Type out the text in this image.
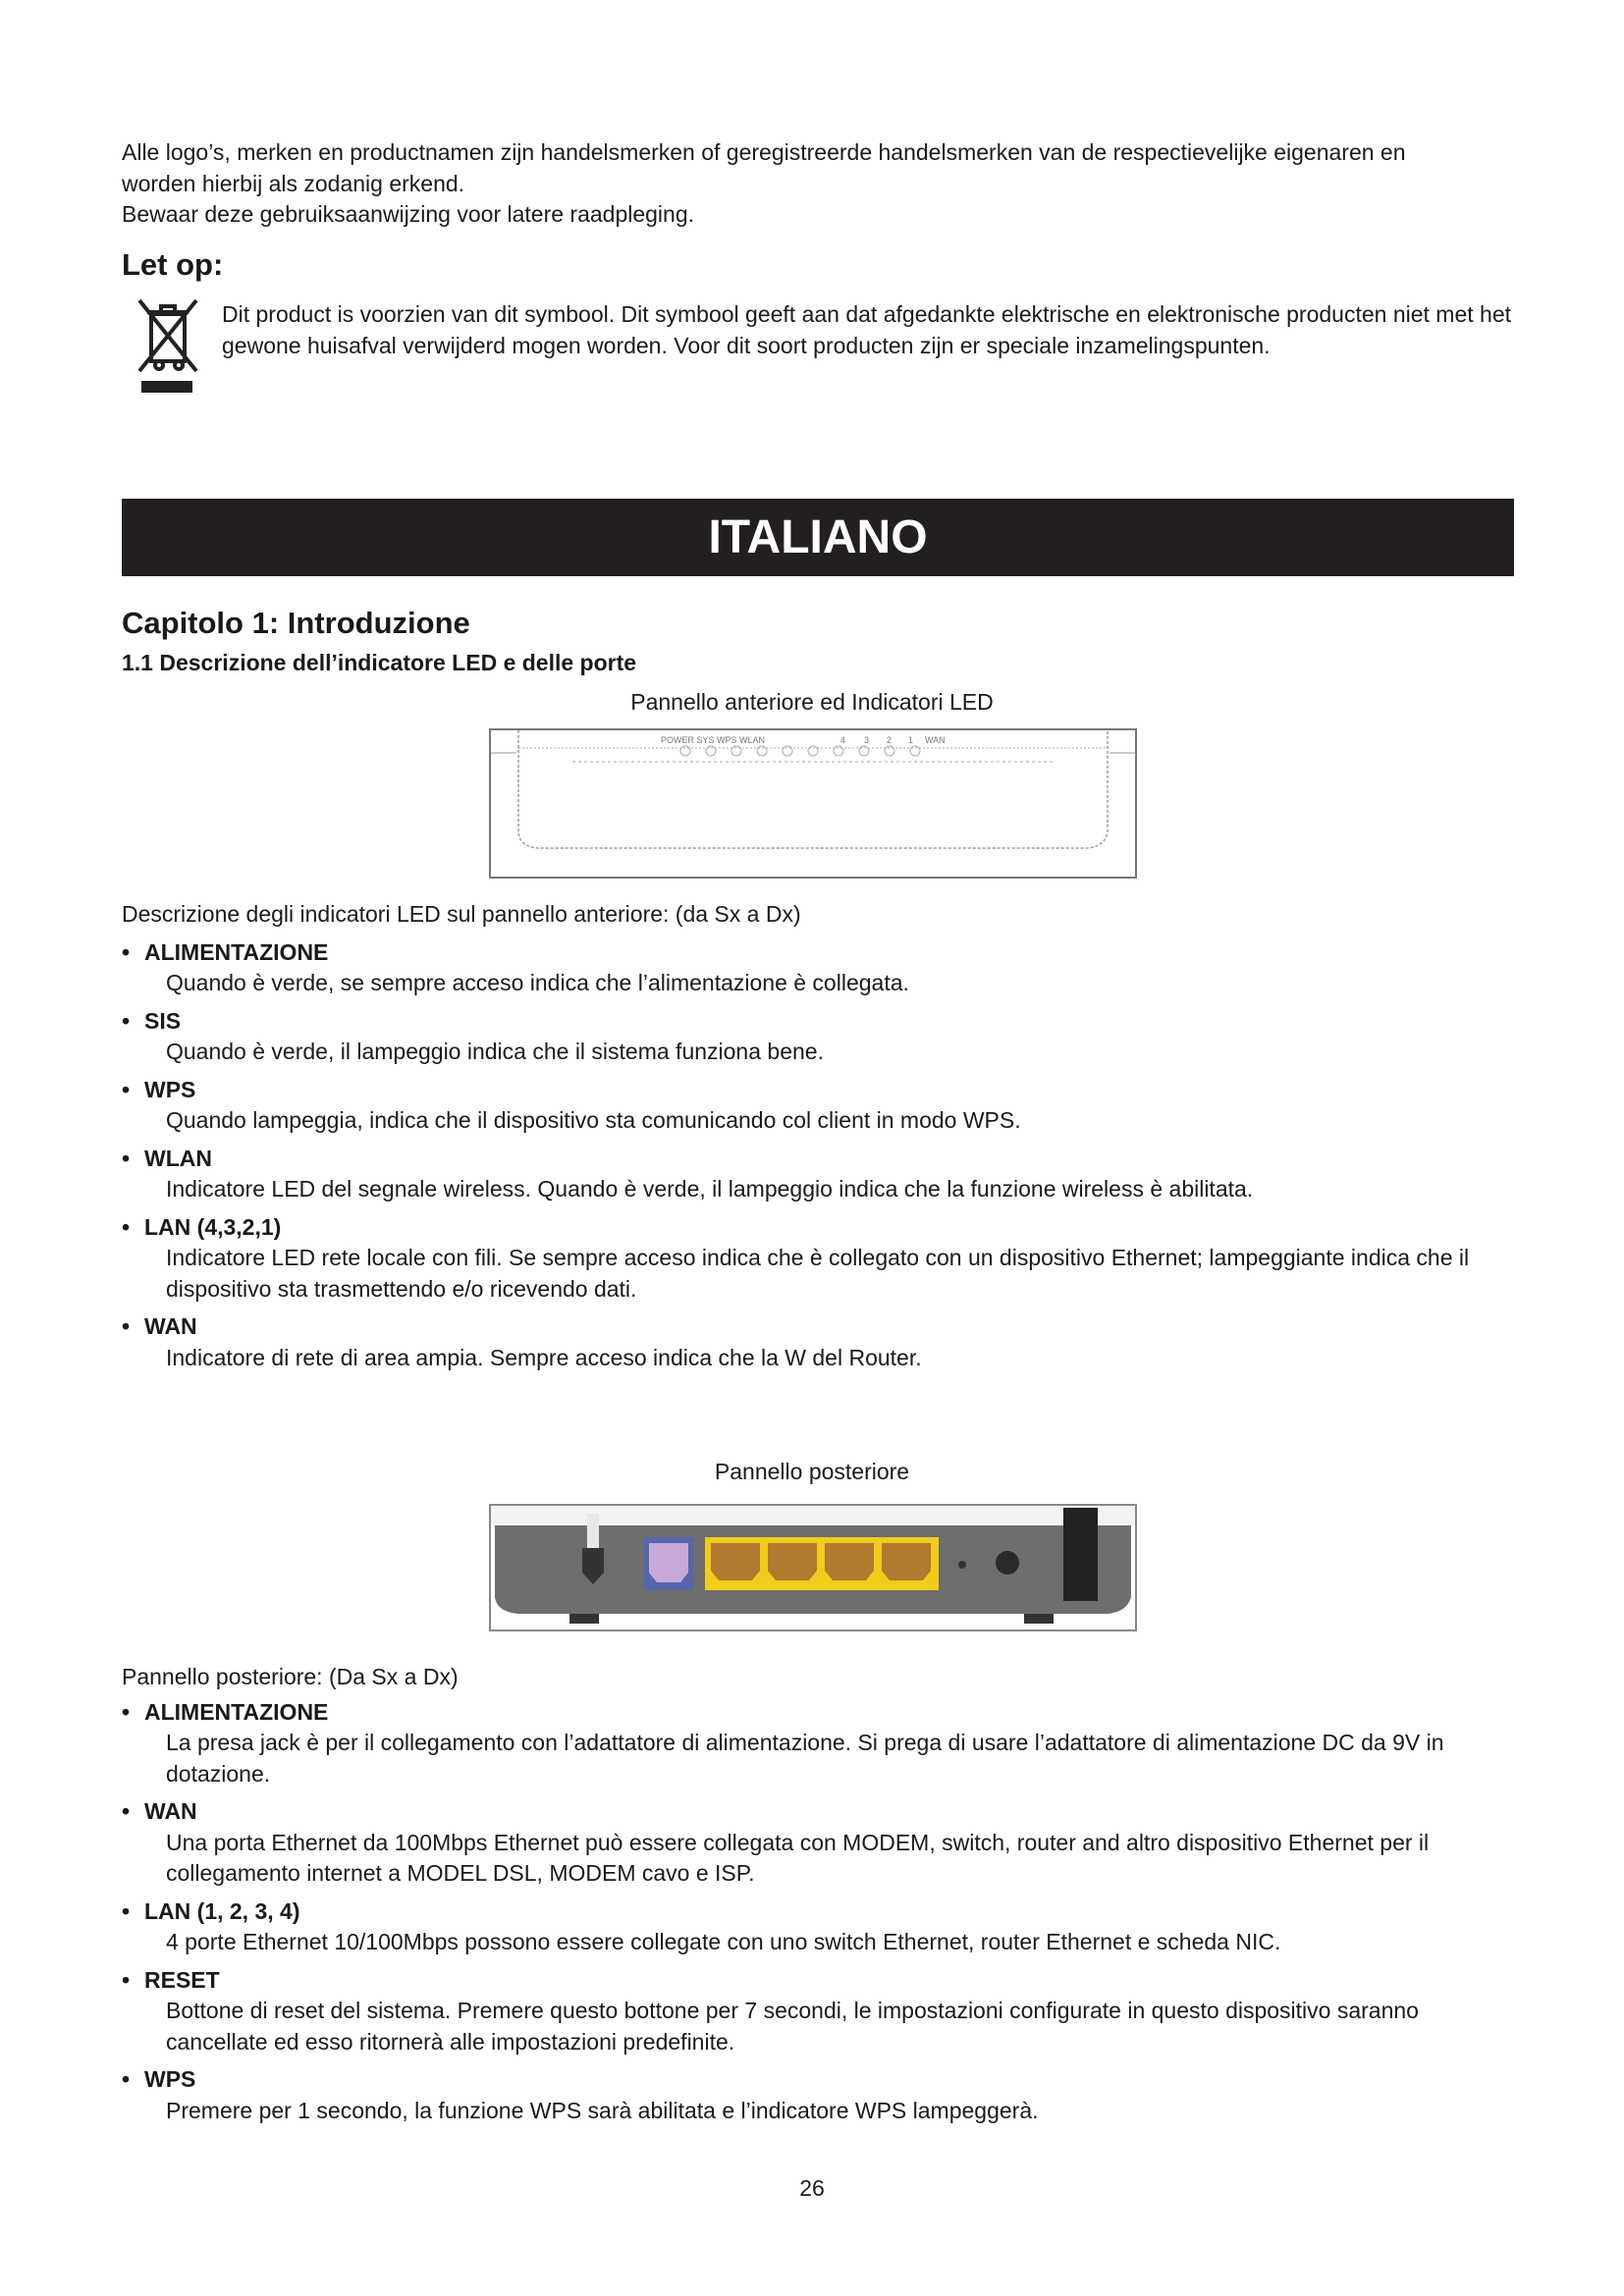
Alle logo’s, merken en productnamen zijn handelsmerken of geregistreerde handelsmerken van de respectievelijke eigenaren en worden hierbij als zodanig erkend.

Bewaar deze gebruiksaanwijzing voor latere raadpleging.

Let op:
Dit product is voorzien van dit symbool. Dit symbool geeft aan dat afgedankte elektrische en elektronische producten niet met het gewone huisafval verwijderd mogen worden. Voor dit soort producten zijn er speciale inzamelingspunten.
ITALIANO
Capitolo 1: Introduzione
1.1 Descrizione dell’indicatore LED e delle porte
Pannello anteriore ed Indicatori LED
POWER SYS WPS WLAN	4 3 2 1 WAN

Descrizione degli indicatori LED sul pannello anteriore: (da Sx a Dx)

• ALIMENTAZIONE
Quando è verde, se sempre acceso indica che l’alimentazione è collegata.
• SIS
Quando è verde, il lampeggio indica che il sistema funziona bene.
• WPS
Quando lampeggia, indica che il dispositivo sta comunicando col client in modo WPS.
• WLAN
Indicatore LED del segnale wireless. Quando è verde, il lampeggio indica che la funzione wireless è abilitata.
• LAN (4,3,2,1)
Indicatore LED rete locale con fili. Se sempre acceso indica che è collegato con un dispositivo Ethernet; lampeggiante indica che il dispositivo sta trasmettendo e/o ricevendo dati.
• WAN
Indicatore di rete di area ampia. Sempre acceso indica che la W del Router.
Pannello posteriore

Pannello posteriore: (Da Sx a Dx)

• ALIMENTAZIONE
La presa jack è per il collegamento con l’adattatore di alimentazione. Si prega di usare l’adattatore di alimentazione DC da 9V in dotazione.
• WAN
Una porta Ethernet da 100Mbps Ethernet può essere collegata con MODEM, switch, router and altro dispositivo Ethernet per il collegamento internet a MODEL DSL, MODEM cavo e ISP.
• LAN (1, 2, 3, 4)
4 porte Ethernet 10/100Mbps possono essere collegate con uno switch Ethernet, router Ethernet e scheda NIC.
• RESET
Bottone di reset del sistema. Premere questo bottone per 7 secondi, le impostazioni configurate in questo dispositivo saranno cancellate ed esso ritornerà alle impostazioni predefinite.
• WPS
Premere per 1 secondo, la funzione WPS sarà abilitata e l’indicatore WPS lampeggerà.
26
